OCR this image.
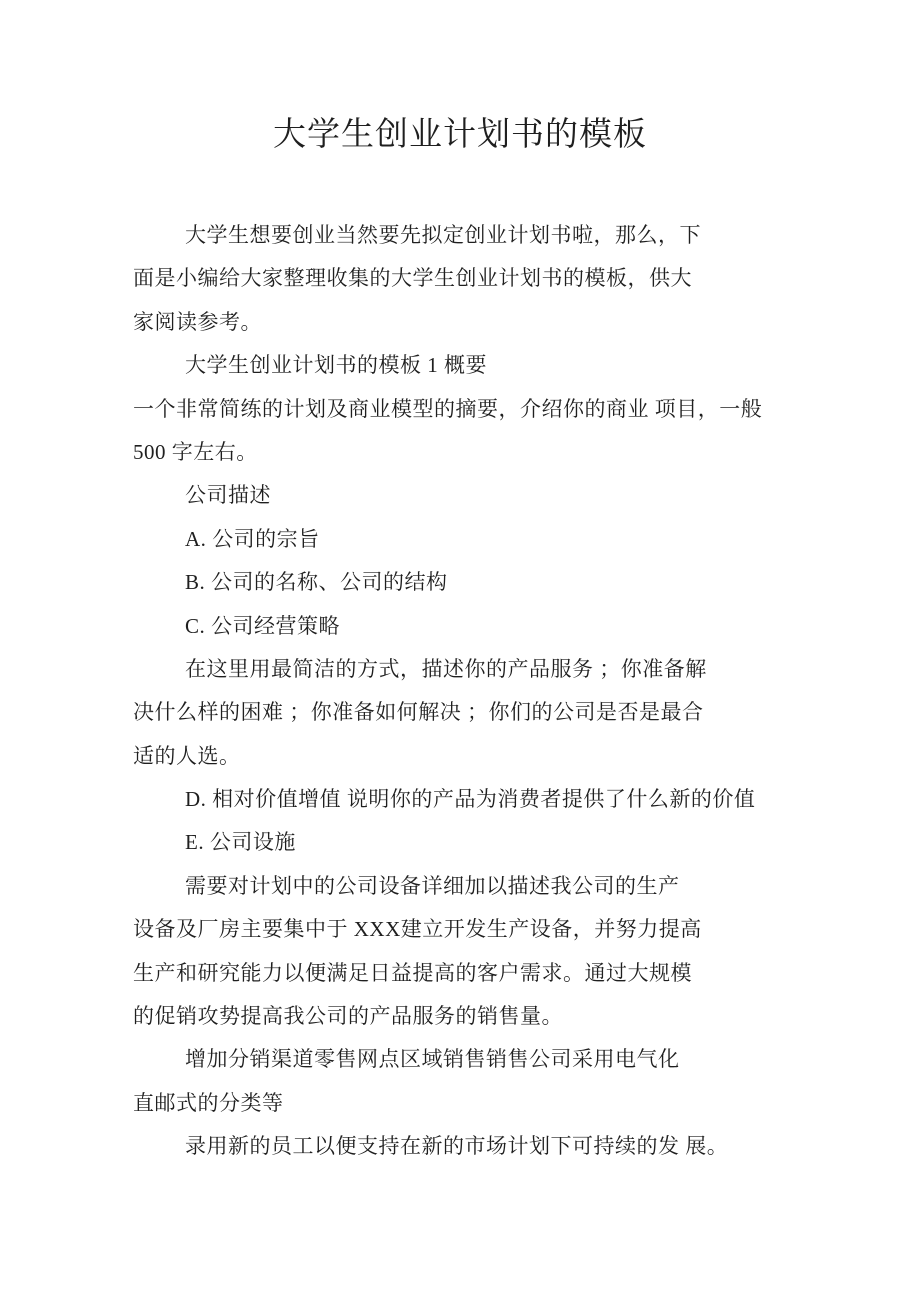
大学生创业计划书的模板
大学生想要创业当然要先拟定创业计划书啦，那么，下
面是小编给大家整理收集的大学生创业计划书的模板，供大
家阅读参考。
大学生创业计划书的模板 1 概要
一个非常简练的计划及商业模型的摘要，介绍你的商业 项目，一般
500 字左右。
公司描述
A. 公司的宗旨
B. 公司的名称、公司的结构
C. 公司经营策略
在这里用最简洁的方式，描述你的产品服务 ；你准备解
决什么样的困难 ；你准备如何解决 ；你们的公司是否是最合
适的人选。
D. 相对价值增值 说明你的产品为消费者提供了什么新的价值
E. 公司设施
需要对计划中的公司设备详细加以描述我公司的生产
设备及厂房主要集中于 XXX建立开发生产设备，并努力提高
生产和研究能力以便满足日益提高的客户需求。通过大规模
的促销攻势提高我公司的产品服务的销售量。
增加分销渠道零售网点区域销售销售公司采用电气化
直邮式的分类等
录用新的员工以便支持在新的市场计划下可持续的发 展。
